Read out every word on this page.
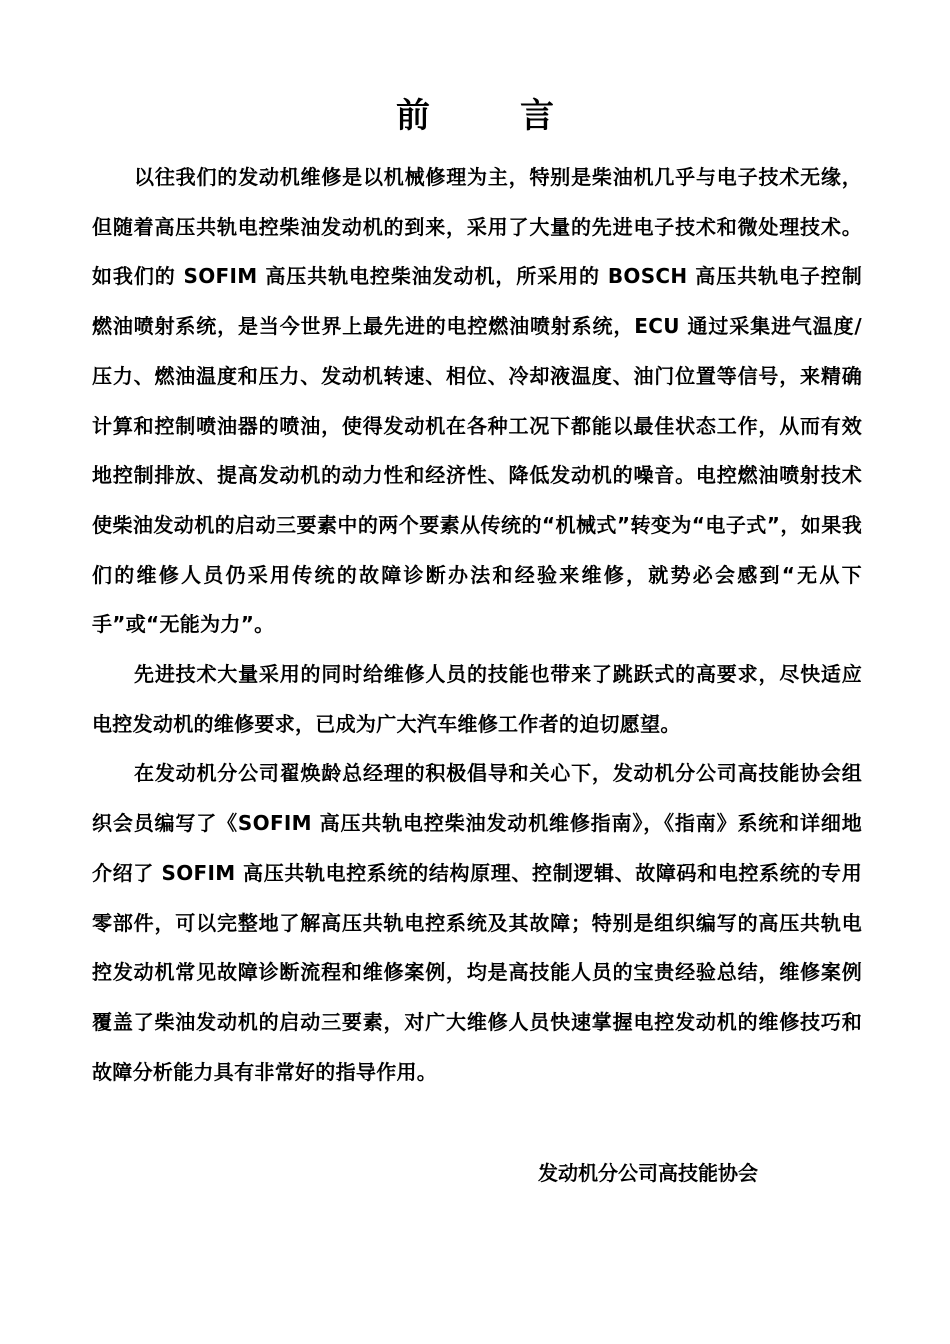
前言

以往我们的发动机维修是以机械修理为主，特别是柴油机几乎与电子技术无缘，但随着高压共轨电控柴油发动机的到来，采用了大量的先进电子技术和微处理技术。如我们的 SOFIM 高压共轨电控柴油发动机，所采用的 BOSCH 高压共轨电子控制燃油喷射系统，是当今世界上最先进的电控燃油喷射系统，ECU 通过采集进气温度/压力、燃油温度和压力、发动机转速、相位、冷却液温度、油门位置等信号，来精确计算和控制喷油器的喷油，使得发动机在各种工况下都能以最佳状态工作，从而有效地控制排放、提高发动机的动力性和经济性、降低发动机的噪音。电控燃油喷射技术使柴油发动机的启动三要素中的两个要素从传统的“机械式”转变为“电子式”，如果我们的维修人员仍采用传统的故障诊断办法和经验来维修，就势必会感到“无从下手”或“无能为力”。

先进技术大量采用的同时给维修人员的技能也带来了跳跃式的高要求，尽快适应电控发动机的维修要求，已成为广大汽车维修工作者的迫切愿望。

在发动机分公司翟焕龄总经理的积极倡导和关心下，发动机分公司高技能协会组织会员编写了《SOFIM 高压共轨电控柴油发动机维修指南》，《指南》系统和详细地介绍了 SOFIM 高压共轨电控系统的结构原理、控制逻辑、故障码和电控系统的专用零部件，可以完整地了解高压共轨电控系统及其故障；特别是组织编写的高压共轨电控发动机常见故障诊断流程和维修案例，均是高技能人员的宝贵经验总结，维修案例覆盖了柴油发动机的启动三要素，对广大维修人员快速掌握电控发动机的维修技巧和故障分析能力具有非常好的指导作用。

发动机分公司高技能协会
